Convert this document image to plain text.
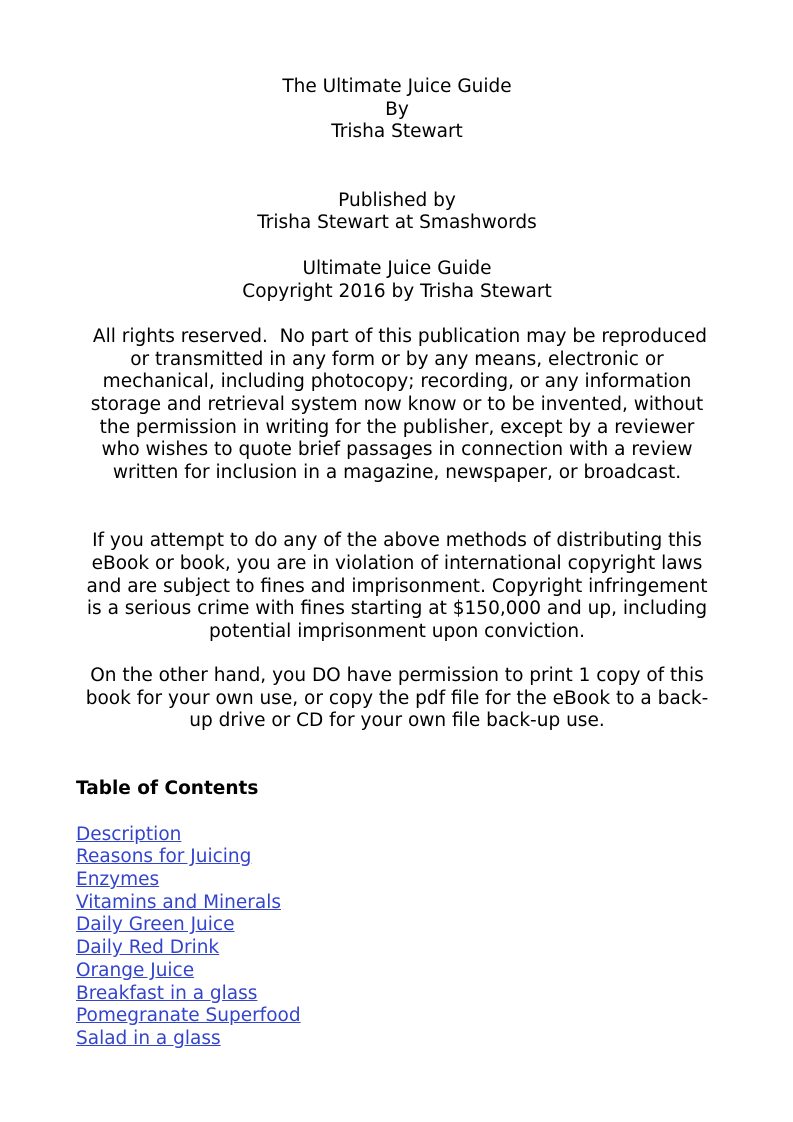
The Ultimate Juice Guide
By
Trisha Stewart
Published by
Trisha Stewart at Smashwords
Ultimate Juice Guide
Copyright 2016 by Trisha Stewart
All rights reserved.  No part of this publication may be reproduced
or transmitted in any form or by any means, electronic or
mechanical, including photocopy; recording, or any information
storage and retrieval system now know or to be invented, without
the permission in writing for the publisher, except by a reviewer
who wishes to quote brief passages in connection with a review
written for inclusion in a magazine, newspaper, or broadcast.
If you attempt to do any of the above methods of distributing this
eBook or book, you are in violation of international copyright laws
and are subject to fines and imprisonment. Copyright infringement
is a serious crime with fines starting at $150,000 and up, including
potential imprisonment upon conviction.
On the other hand, you DO have permission to print 1 copy of this
book for your own use, or copy the pdf file for the eBook to a back-
up drive or CD for your own file back-up use.
Table of Contents
Description
Reasons for Juicing
Enzymes
Vitamins and Minerals
Daily Green Juice
Daily Red Drink
Orange Juice
Breakfast in a glass
Pomegranate Superfood
Salad in a glass
